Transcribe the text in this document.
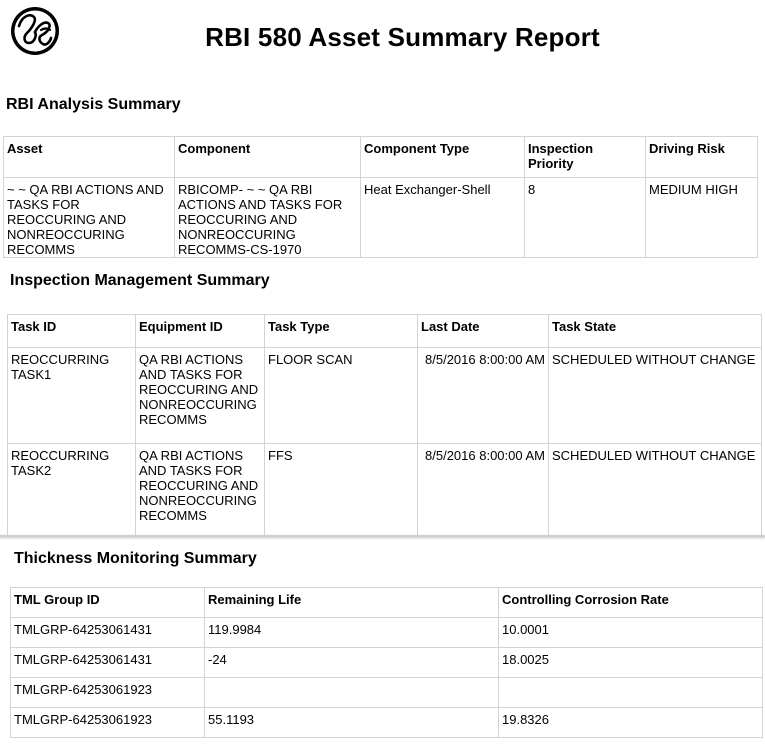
GE
RBI 580 Asset Summary Report
RBI Analysis Summary
Asset	Component	Component Type	Inspection Priority	Driving Risk
~ ~ QA RBI ACTIONS AND TASKS FOR REOCCURING AND NONREOCCURING RECOMMS	RBICOMP- ~ ~ QA RBI ACTIONS AND TASKS FOR REOCCURING AND NONREOCCURING RECOMMS-CS-1970	Heat Exchanger-Shell	8	MEDIUM HIGH
Inspection Management Summary
Task ID	Equipment ID	Task Type	Last Date	Task State
REOCCURRING TASK1	QA RBI ACTIONS AND TASKS FOR REOCCURING AND NONREOCCURING RECOMMS	FLOOR SCAN	8/5/2016 8:00:00 AM	SCHEDULED WITHOUT CHANGE
REOCCURRING TASK2	QA RBI ACTIONS AND TASKS FOR REOCCURING AND NONREOCCURING RECOMMS	FFS	8/5/2016 8:00:00 AM	SCHEDULED WITHOUT CHANGE
Thickness Monitoring Summary
TML Group ID	Remaining Life	Controlling Corrosion Rate
TMLGRP-64253061431	119.9984	10.0001
TMLGRP-64253061431	-24	18.0025
TMLGRP-64253061923		
TMLGRP-64253061923	55.1193	19.8326
